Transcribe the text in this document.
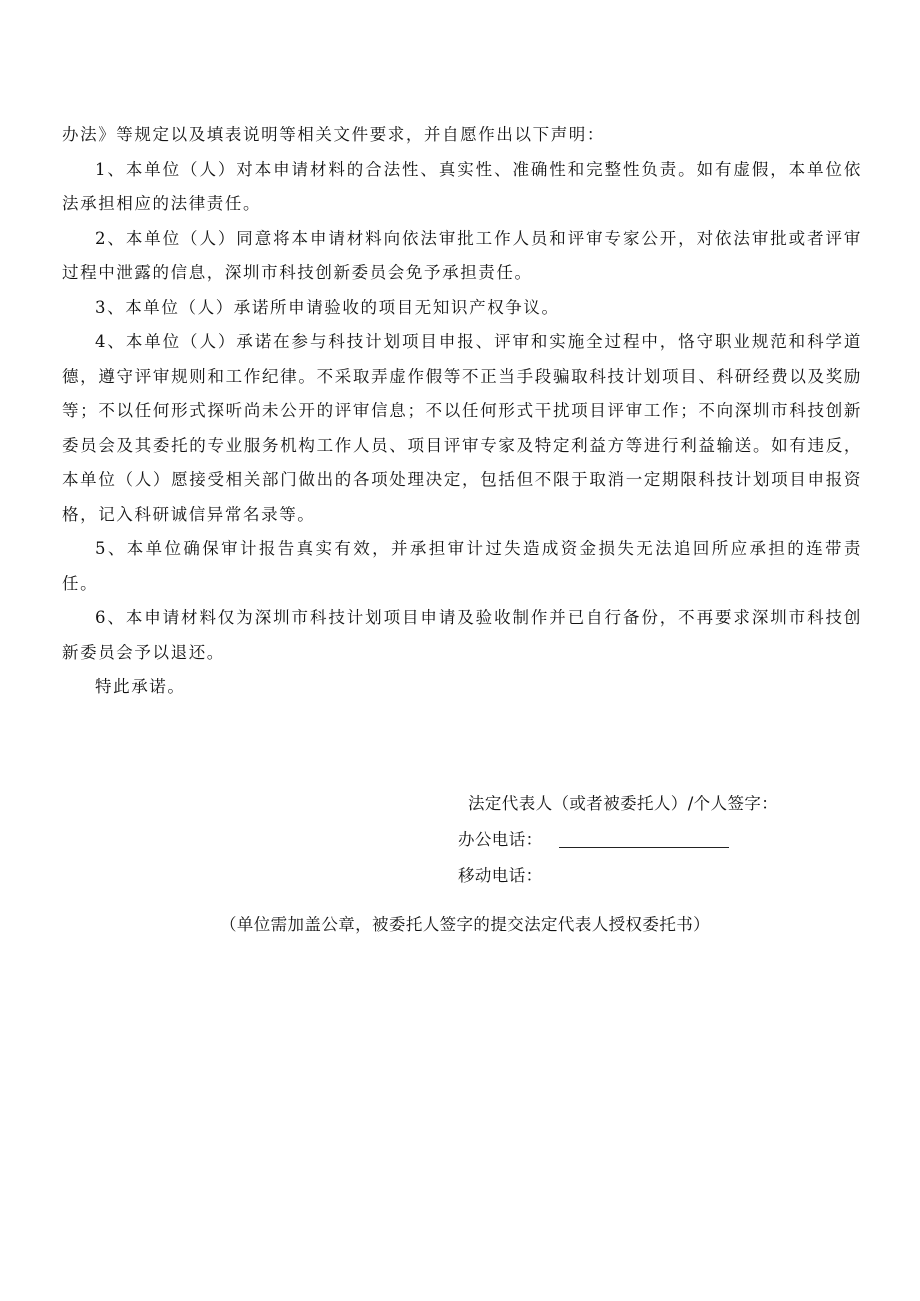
办法》等规定以及填表说明等相关文件要求，并自愿作出以下声明：

1、本单位（人）对本申请材料的合法性、真实性、准确性和完整性负责。如有虚假，本单位依法承担相应的法律责任。

2、本单位（人）同意将本申请材料向依法审批工作人员和评审专家公开，对依法审批或者评审过程中泄露的信息，深圳市科技创新委员会免予承担责任。

3、本单位（人）承诺所申请验收的项目无知识产权争议。

4、本单位（人）承诺在参与科技计划项目申报、评审和实施全过程中，恪守职业规范和科学道德，遵守评审规则和工作纪律。不采取弄虚作假等不正当手段骗取科技计划项目、科研经费以及奖励等；不以任何形式探听尚未公开的评审信息；不以任何形式干扰项目评审工作；不向深圳市科技创新委员会及其委托的专业服务机构工作人员、项目评审专家及特定利益方等进行利益输送。如有违反，本单位（人）愿接受相关部门做出的各项处理决定，包括但不限于取消一定期限科技计划项目申报资格，记入科研诚信异常名录等。

5、本单位确保审计报告真实有效，并承担审计过失造成资金损失无法追回所应承担的连带责任。

6、本申请材料仅为深圳市科技计划项目申请及验收制作并已自行备份，不再要求深圳市科技创新委员会予以退还。

特此承诺。

法定代表人（或者被委托人）/个人签字：
办公电话：
移动电话：
（单位需加盖公章，被委托人签字的提交法定代表人授权委托书）
